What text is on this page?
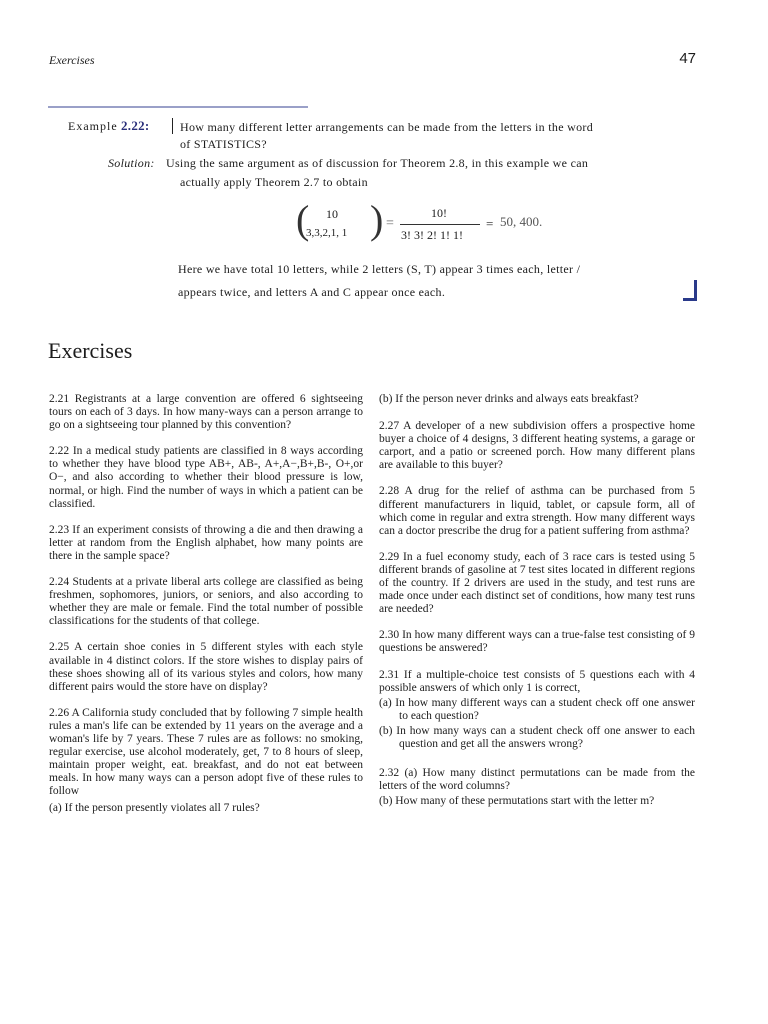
Exercises	47
Example 2.22:	How many different letter arrangements can be made from the letters in the word
of STATISTICS?
Solution: Using the same argument as of discussion for Theorem 2.8, in this example we can
actually apply Theorem 2.7 to obtain
( 10
3,3,2,1, 1 ) =
10!
3! 3! 2! 1! 1!
= 50, 400.
Here we have total 10 letters, while 2 letters (S, T) appear 3 times each, letter /
appears twice, and letters A and C appear once each.
Exercises

2.21 Registrants at a large convention are offered 6 sightseeing tours on each of 3 days. In how many-ways can a person arrange to go on a sightseeing tour planned by this convention?

2.22 In a medical study patients are classified in 8 ways according to whether they have blood type AB+, AB-, A+,A−,B+,B-, O+,or O−, and also according to whether their blood pressure is low, normal, or high. Find the number of ways in which a patient can be classified.

2.23 If an experiment consists of throwing a die and then drawing a letter at random from the English alphabet, how many points are there in the sample space?

2.24 Students at a private liberal arts college are classified as being freshmen, sophomores, juniors, or seniors, and also according to whether they are male or female. Find the total number of possible classifications for the students of that college.

2.25 A certain shoe conies in 5 different styles with each style available in 4 distinct colors. If the store wishes to display pairs of these shoes showing all of its various styles and colors, how many different pairs would the store have on display?

2.26 A California study concluded that by following 7 simple health rules a man's life can be extended by 11 years on the average and a woman's life by 7 years. These 7 rules are as follows: no smoking, regular exercise, use alcohol moderately, get, 7 to 8 hours of sleep, maintain proper weight, eat. breakfast, and do not eat between meals. In how many ways can a person adopt five of these rules to follow

(a) If the person presently violates all 7 rules?

(b) If the person never drinks and always eats breakfast?

2.27 A developer of a new subdivision offers a prospective home buyer a choice of 4 designs, 3 different heating systems, a garage or carport, and a patio or screened porch. How many different plans are available to this buyer?

2.28 A drug for the relief of asthma can be purchased from 5 different manufacturers in liquid, tablet, or capsule form, all of which come in regular and extra strength. How many different ways can a doctor prescribe the drug for a patient suffering from asthma?

2.29 In a fuel economy study, each of 3 race cars is tested using 5 different brands of gasoline at 7 test sites located in different regions of the country. If 2 drivers are used in the study, and test runs are made once under each distinct set of conditions, how many test runs are needed?

2.30 In how many different ways can a true-false test consisting of 9 questions be answered?

2.31 If a multiple-choice test consists of 5 questions each with 4 possible answers of which only 1 is correct,

(a) In how many different ways can a student check off one answer to each question?

(b) In how many ways can a student check off one answer to each question and get all the answers wrong?

2.32 (a) How many distinct permutations can be made from the letters of the word columns?

(b) How many of these permutations start with the letter m?
